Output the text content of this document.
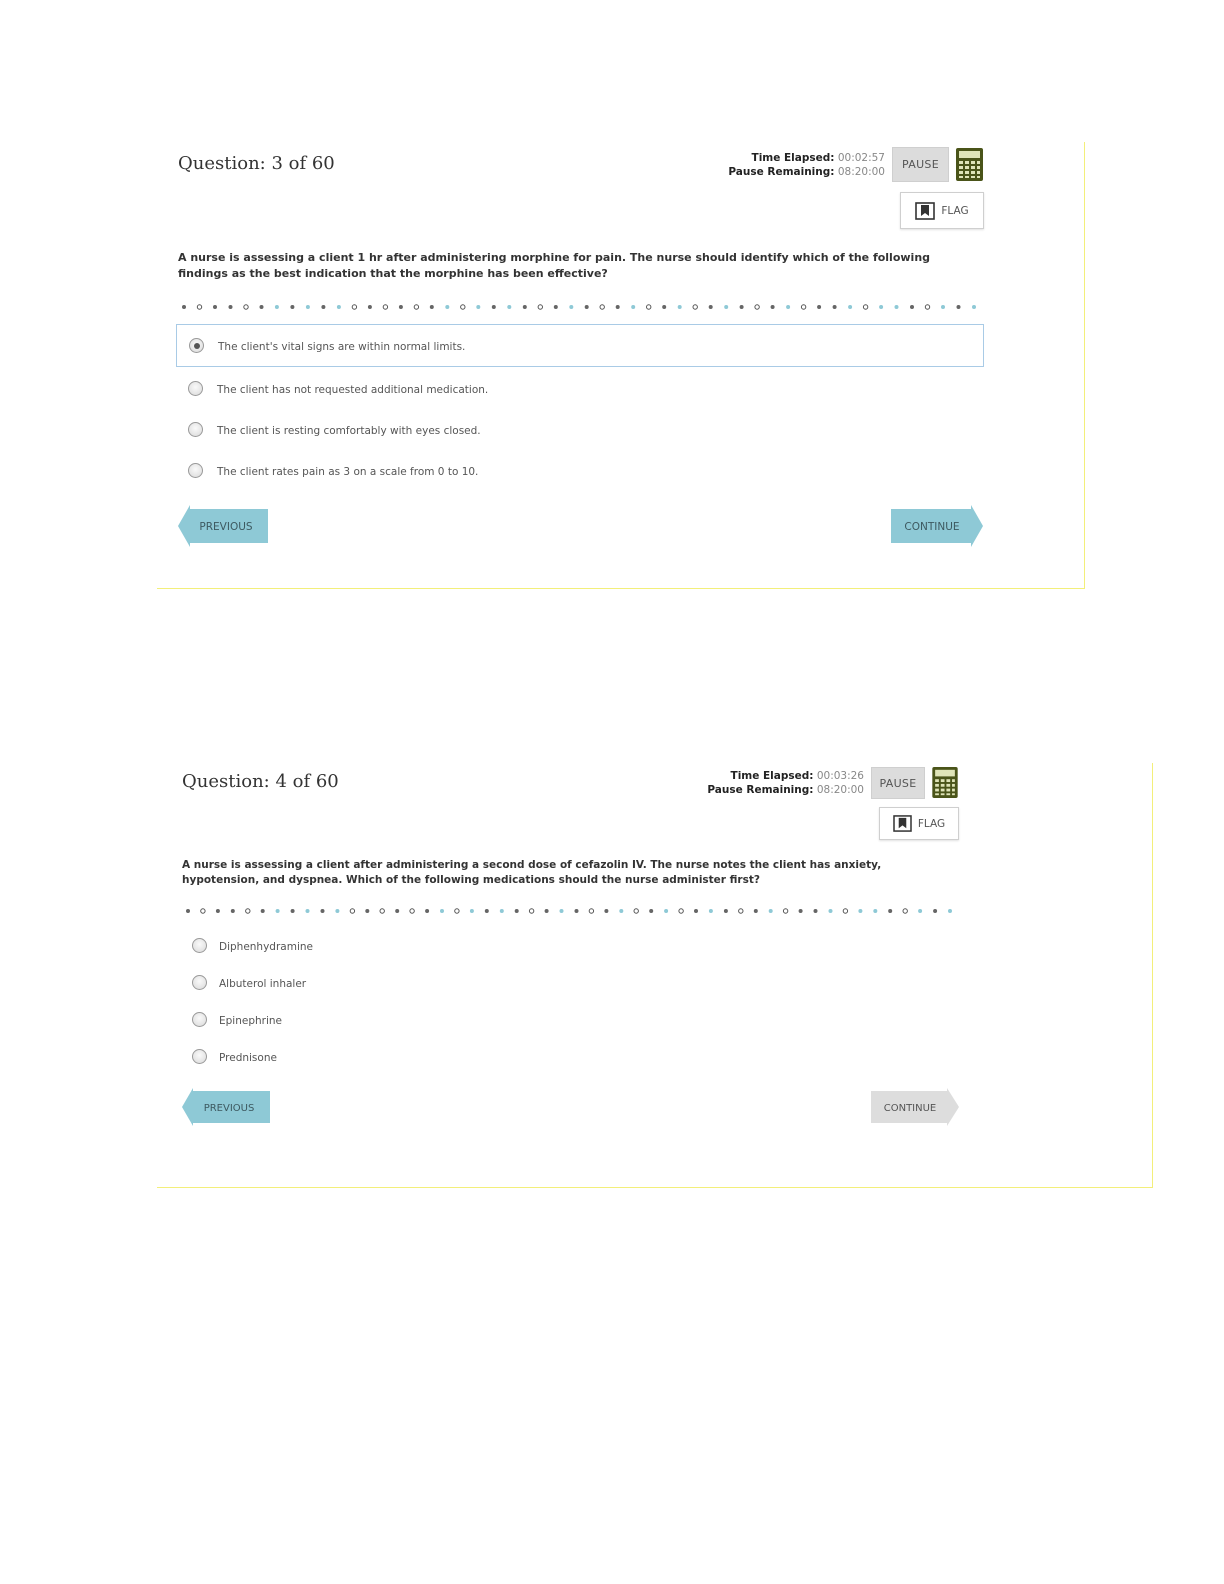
Question: 3 of 60	Time Elapsed: 00:02:57
Pause Remaining: 08:20:00
PAUSE
FLAG

A nurse is assessing a client 1 hr after administering morphine for pain. The nurse should identify which of the following findings as the best indication that the morphine has been effective?

The client's vital signs are within normal limits.
The client has not requested additional medication.
The client is resting comfortably with eyes closed.
The client rates pain as 3 on a scale from 0 to 10.
PREVIOUS	CONTINUE
Question: 4 of 60	Time Elapsed: 00:03:26
Pause Remaining: 08:20:00
PAUSE
FLAG

A nurse is assessing a client after administering a second dose of cefazolin IV. The nurse notes the client has anxiety, hypotension, and dyspnea. Which of the following medications should the nurse administer first?

Diphenhydramine
Albuterol inhaler
Epinephrine
Prednisone
PREVIOUS	CONTINUE
